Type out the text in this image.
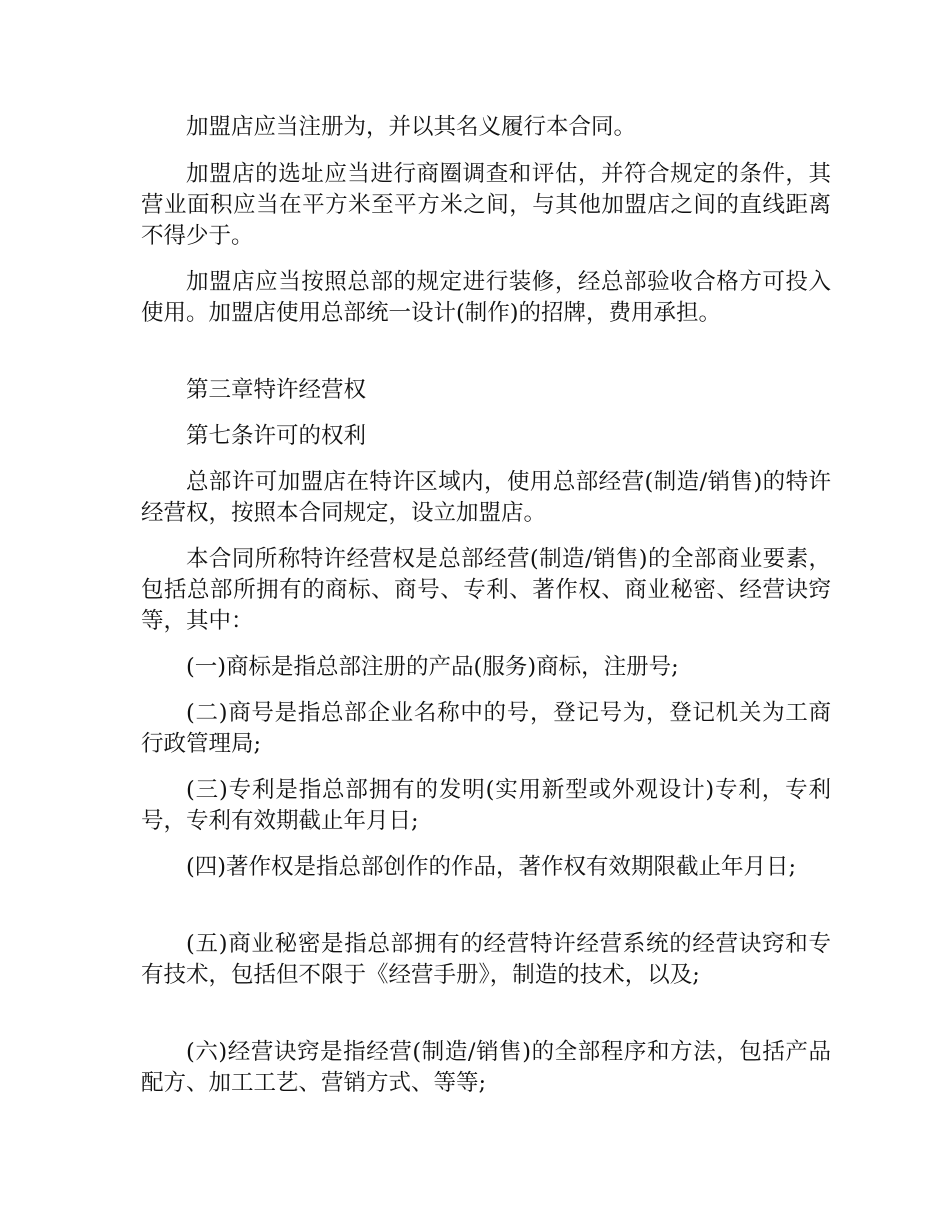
加盟店应当注册为，并以其名义履行本合同。

加盟店的选址应当进行商圈调查和评估，并符合规定的条件，其营业面积应当在平方米至平方米之间，与其他加盟店之间的直线距离不得少于。

加盟店应当按照总部的规定进行装修，经总部验收合格方可投入使用。加盟店使用总部统一设计(制作)的招牌，费用承担。

第三章特许经营权

第七条许可的权利

总部许可加盟店在特许区域内，使用总部经营(制造/销售)的特许经营权，按照本合同规定，设立加盟店。

本合同所称特许经营权是总部经营(制造/销售)的全部商业要素，包括总部所拥有的商标、商号、专利、著作权、商业秘密、经营诀窍等，其中：

(一)商标是指总部注册的产品(服务)商标，注册号;

(二)商号是指总部企业名称中的号，登记号为，登记机关为工商行政管理局;

(三)专利是指总部拥有的发明(实用新型或外观设计)专利，专利号，专利有效期截止年月日;

(四)著作权是指总部创作的作品，著作权有效期限截止年月日;

(五)商业秘密是指总部拥有的经营特许经营系统的经营诀窍和专有技术，包括但不限于《经营手册》，制造的技术，以及;

(六)经营诀窍是指经营(制造/销售)的全部程序和方法，包括产品配方、加工工艺、营销方式、等等;
